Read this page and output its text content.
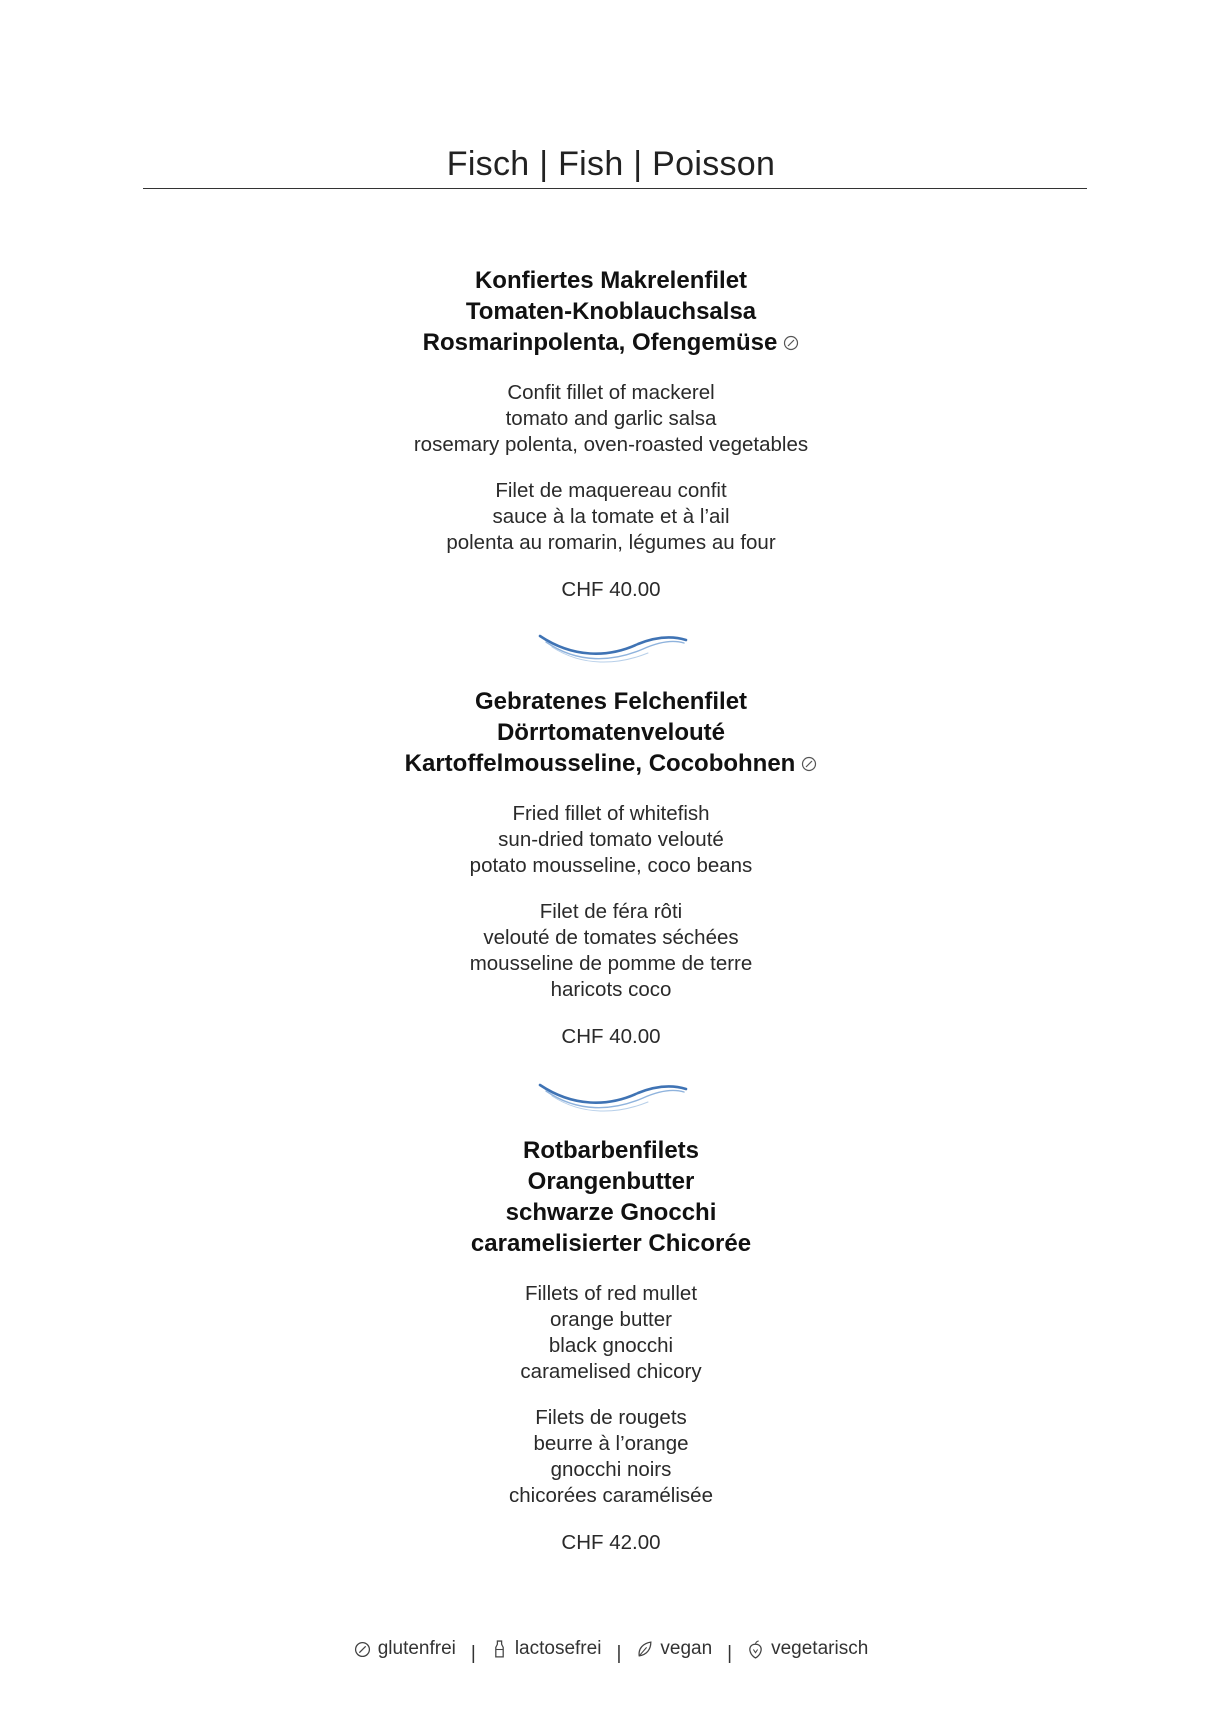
Fisch | Fish | Poisson
Konfiertes Makrelenfilet
Tomaten-Knoblauchsalsa
Rosmarinpolenta, Ofengemüse
Confit fillet of mackerel
tomato and garlic salsa
rosemary polenta, oven-roasted vegetables
Filet de maquereau confit
sauce à la tomate et à l’ail
polenta au romarin, légumes au four
CHF 40.00
Gebratenes Felchenfilet
Dörrtomatenvelouté
Kartoffelmousseline, Cocobohnen
Fried fillet of whitefish
sun-dried tomato velouté
potato mousseline, coco beans
Filet de féra rôti
velouté de tomates séchées
mousseline de pomme de terre
haricots coco
CHF 40.00
Rotbarbenfilets
Orangenbutter
schwarze Gnocchi
caramelisierter Chicorée
Fillets of red mullet
orange butter
black gnocchi
caramelised chicory
Filets de rougets
beurre à l’orange
gnocchi noirs
chicorées caramélisée
CHF 42.00
glutenfrei | lactosefrei | vegan | vegetarisch
